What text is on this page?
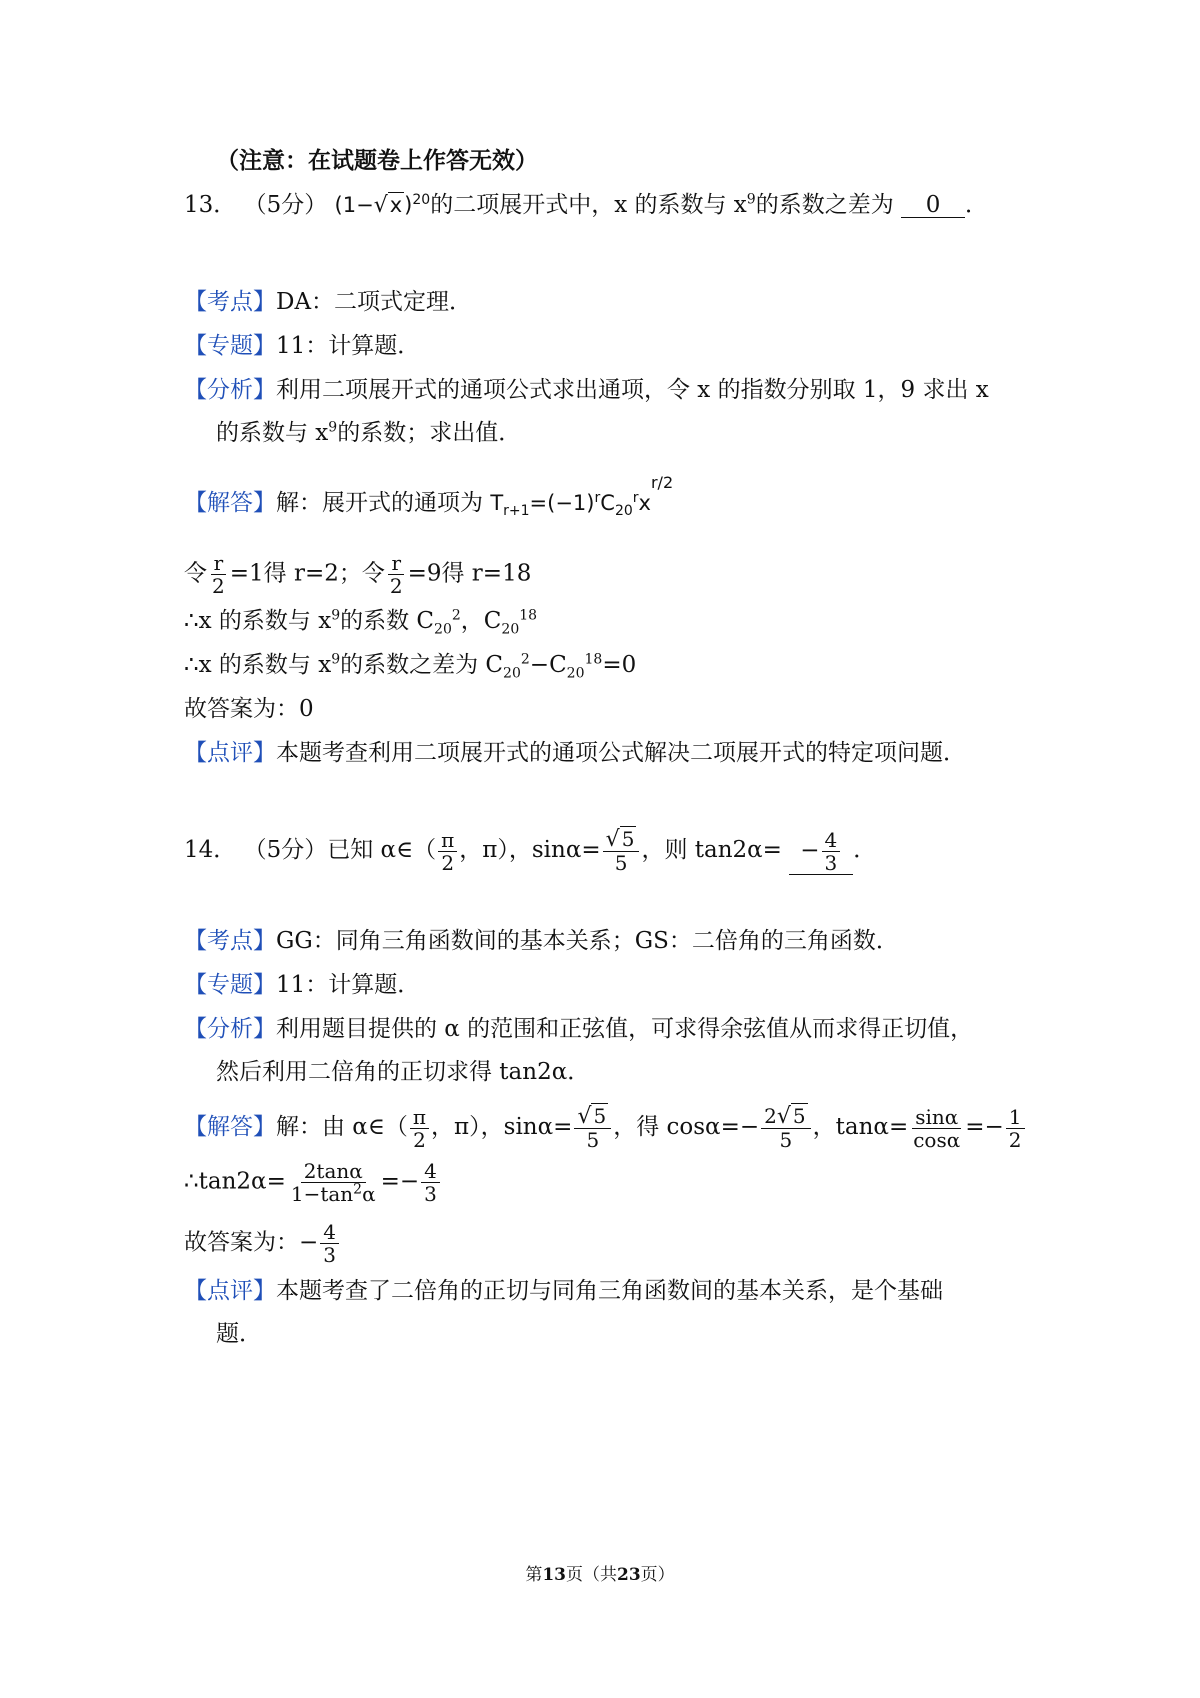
（注意：在试题卷上作答无效）
13． （5分） $(1-√x)^{20}$的二项展开式中，x 的系数与 $x^9$的系数之差为 0 ．
【考点】DA：二项式定理．
【专题】11：计算题．
【分析】利用二项展开式的通项公式求出通项，令 x 的指数分别取 1，9 求出 x
的系数与 $x^9$的系数；求出值．
【解答】解：展开式的通项为 $T_{r+1}=(-1)^rC_{20}^rx^{r/2}$
令 $\frac{r}{2} =1$得 r=2；令 $\frac{r}{2} =9$得 r=18
∴x 的系数与 $x^9$的系数 $C_{20}^2$，$C_{20}^{18}$
∴x 的系数与 $x^9$的系数之差为 $C_{20}^2-C_{20}^{18}=0$
故答案为：0
【点评】本题考查利用二项展开式的通项公式解决二项展开式的特定项问题．
14． （5分）已知 α∈（ $\frac{\pi}{2}$ ，π），$\sin\alpha= \frac{√ 5}{5}$ ，则 $\tan 2\alpha= - \frac{4}{3}$ ．
【考点】GG：同角三角函数间的基本关系；GS：二倍角的三角函数．
【专题】11：计算题．
【分析】利用题目提供的 α 的范围和正弦值，可求得余弦值从而求得正切值，
然后利用二倍角的正切求得 tan2α．
【解答】解：由 α∈（ $\frac{\pi}{2}$ ，π），$\sin\alpha= \frac{√ 5}{5}$ ，得 $\cos\alpha=- \frac{2√ 5}{5}$ ，$\tan\alpha= \frac{\sin\alpha}{\cos\alpha} =- \frac{1}{2}$
∴tan2α= $\frac{2\tan\alpha}{1-\tan^2\alpha} =- \frac{4}{3}$
故答案为：− $\frac{4}{3}$
【点评】本题考查了二倍角的正切与同角三角函数间的基本关系，是个基础
题．
第13页（共23页）
